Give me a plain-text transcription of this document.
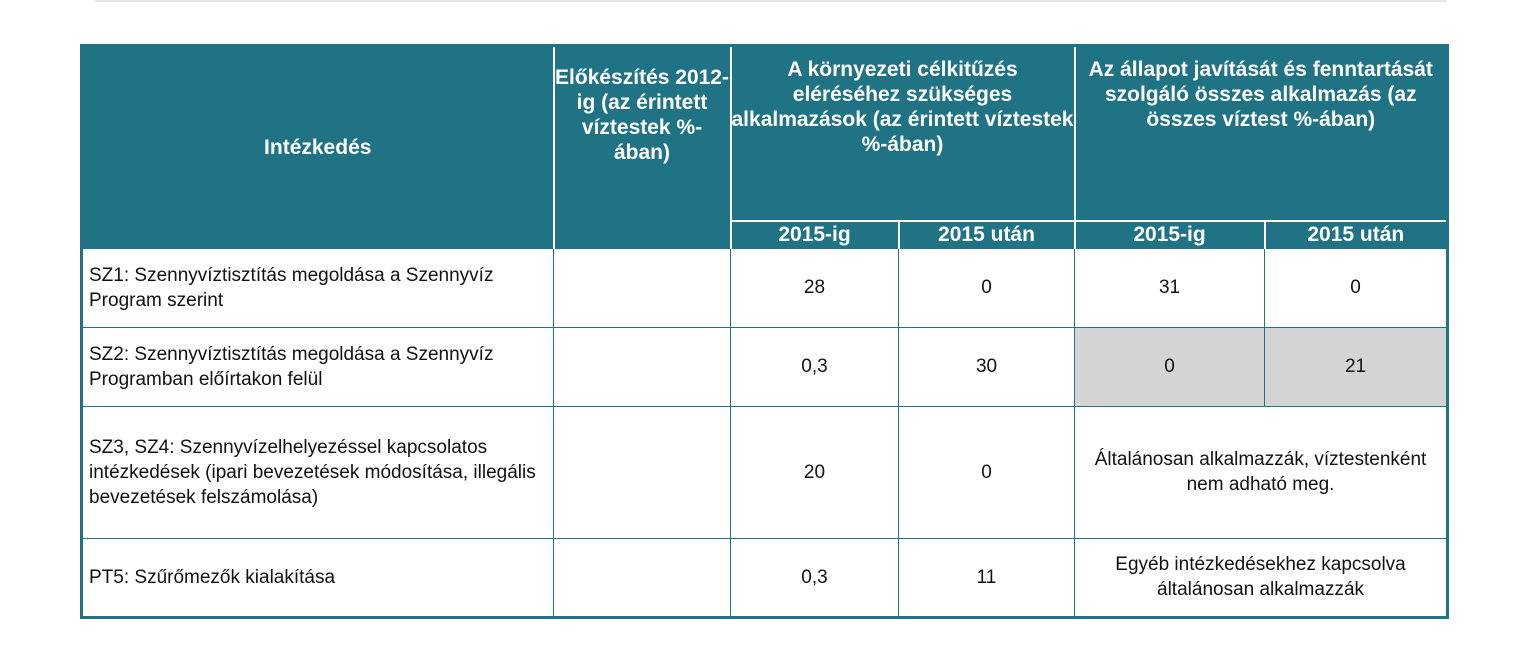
Intézkedés	Előkészítés 2012-ig (az érintett víztestek %-ában)	A környezeti célkitűzés eléréséhez szükséges alkalmazások (az érintett víztestek %-ában)		Az állapot javítását és fenntartását szolgáló összes alkalmazás (az összes víztest %-ában)	
		2015-ig	2015 után	2015-ig	2015 után
SZ1: Szennyvíztisztítás megoldása a Szennyvíz Program szerint		28	0	31	0
SZ2: Szennyvíztisztítás megoldása a Szennyvíz Programban előírtakon felül		0,3	30	0	21
SZ3, SZ4: Szennyvízelhelyezéssel kapcsolatos intézkedések (ipari bevezetések módosítása, illegális bevezetések felszámolása)		20	0	Általánosan alkalmazzák, víztestenként nem adható meg.	
PT5: Szűrőmezők kialakítása		0,3	11	Egyéb intézkedésekhez kapcsolva általánosan alkalmazzák	
